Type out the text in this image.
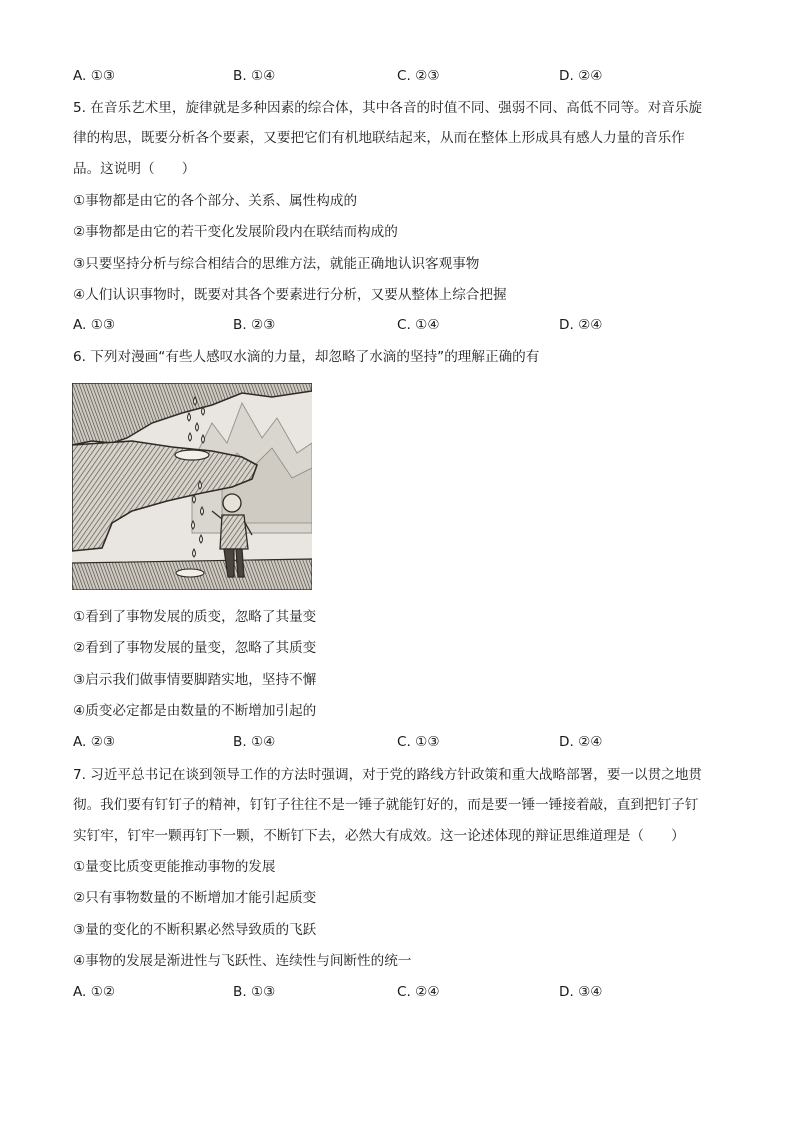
A. ①③	B. ①④	C. ②③	D. ②④
5. 在音乐艺术里，旋律就是多种因素的综合体，其中各音的时值不同、强弱不同、高低不同等。对音乐旋
律的构思，既要分析各个要素，又要把它们有机地联结起来，从而在整体上形成具有感人力量的音乐作
品。这说明（　　）
①事物都是由它的各个部分、关系、属性构成的
②事物都是由它的若干变化发展阶段内在联结而构成的
③只要坚持分析与综合相结合的思维方法，就能正确地认识客观事物
④人们认识事物时，既要对其各个要素进行分析，又要从整体上综合把握
A. ①③	B. ②③	C. ①④	D. ②④
6. 下列对漫画“有些人感叹水滴的力量，却忽略了水滴的坚持”的理解正确的有
①看到了事物发展的质变，忽略了其量变
②看到了事物发展的量变，忽略了其质变
③启示我们做事情要脚踏实地，坚持不懈
④质变必定都是由数量的不断增加引起的
A. ②③	B. ①④	C. ①③	D. ②④
7. 习近平总书记在谈到领导工作的方法时强调，对于党的路线方针政策和重大战略部署，要一以贯之地贯
彻。我们要有钉钉子的精神，钉钉子往往不是一锤子就能钉好的，而是要一锤一锤接着敲，直到把钉子钉
实钉牢，钉牢一颗再钉下一颗，不断钉下去，必然大有成效。这一论述体现的辩证思维道理是（　　）
①量变比质变更能推动事物的发展
②只有事物数量的不断增加才能引起质变
③量的变化的不断积累必然导致质的飞跃
④事物的发展是渐进性与飞跃性、连续性与间断性的统一
A. ①②	B. ①③	C. ②④	D. ③④
